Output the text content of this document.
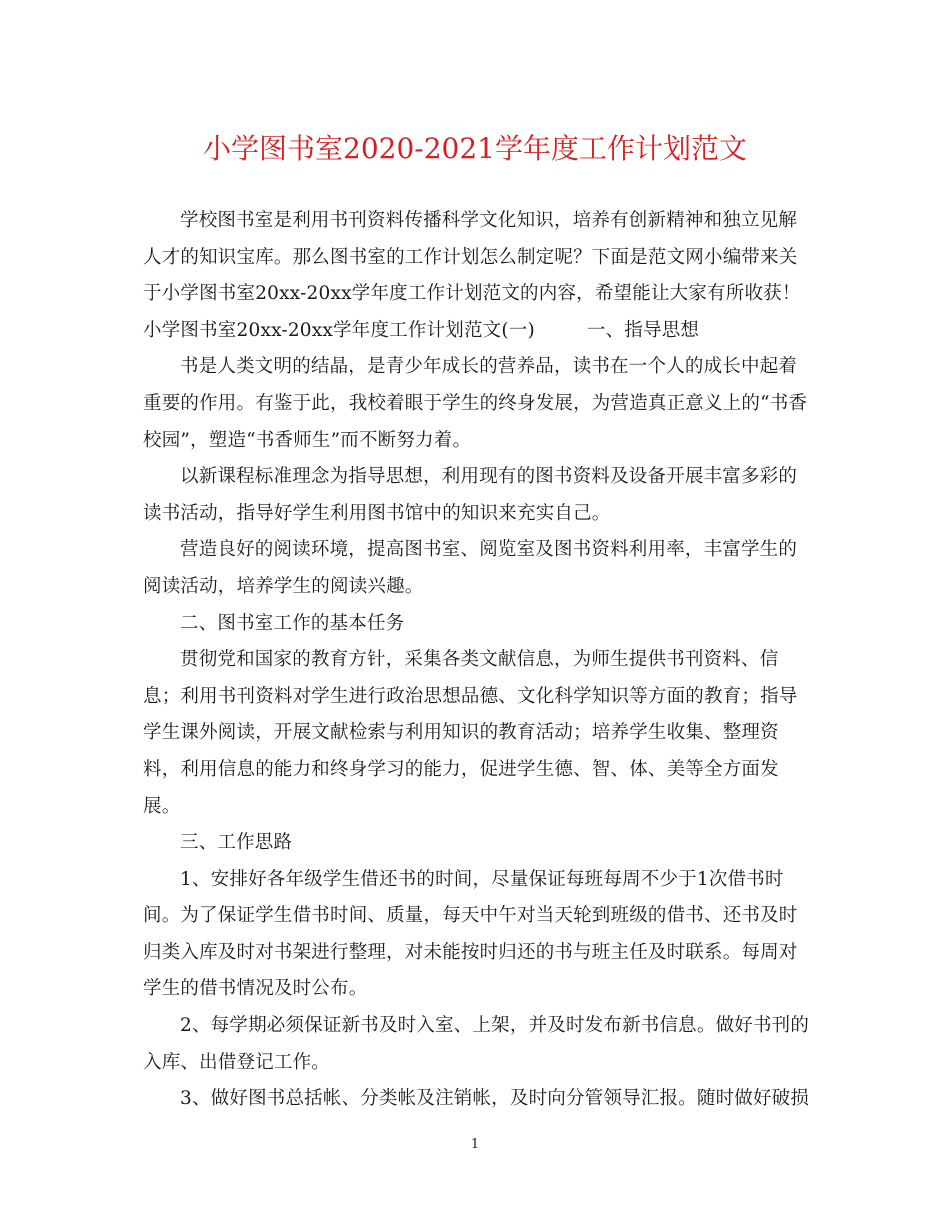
小学图书室2020-2021学年度工作计划范文
学校图书室是利用书刊资料传播科学文化知识，培养有创新精神和独立见解
人才的知识宝库。那么图书室的工作计划怎么制定呢？下面是范文网小编带来关
于小学图书室20xx-20xx学年度工作计划范文的内容，希望能让大家有所收获！
小学图书室20xx-20xx学年度工作计划范文(一)	一、指导思想
书是人类文明的结晶，是青少年成长的营养品，读书在一个人的成长中起着
重要的作用。有鉴于此，我校着眼于学生的终身发展，为营造真正意义上的“书香
校园”，塑造“书香师生”而不断努力着。
以新课程标准理念为指导思想，利用现有的图书资料及设备开展丰富多彩的
读书活动，指导好学生利用图书馆中的知识来充实自己。
营造良好的阅读环境，提高图书室、阅览室及图书资料利用率，丰富学生的
阅读活动，培养学生的阅读兴趣。
二、图书室工作的基本任务
贯彻党和国家的教育方针，采集各类文献信息，为师生提供书刊资料、信
息；利用书刊资料对学生进行政治思想品德、文化科学知识等方面的教育；指导
学生课外阅读，开展文献检索与利用知识的教育活动；培养学生收集、整理资
料，利用信息的能力和终身学习的能力，促进学生德、智、体、美等全方面发
展。
三、工作思路
1、安排好各年级学生借还书的时间，尽量保证每班每周不少于1次借书时
间。为了保证学生借书时间、质量，每天中午对当天轮到班级的借书、还书及时
归类入库及时对书架进行整理，对未能按时归还的书与班主任及时联系。每周对
学生的借书情况及时公布。
2、每学期必须保证新书及时入室、上架，并及时发布新书信息。做好书刊的
入库、出借登记工作。
3、做好图书总括帐、分类帐及注销帐，及时向分管领导汇报。随时做好破损
1
